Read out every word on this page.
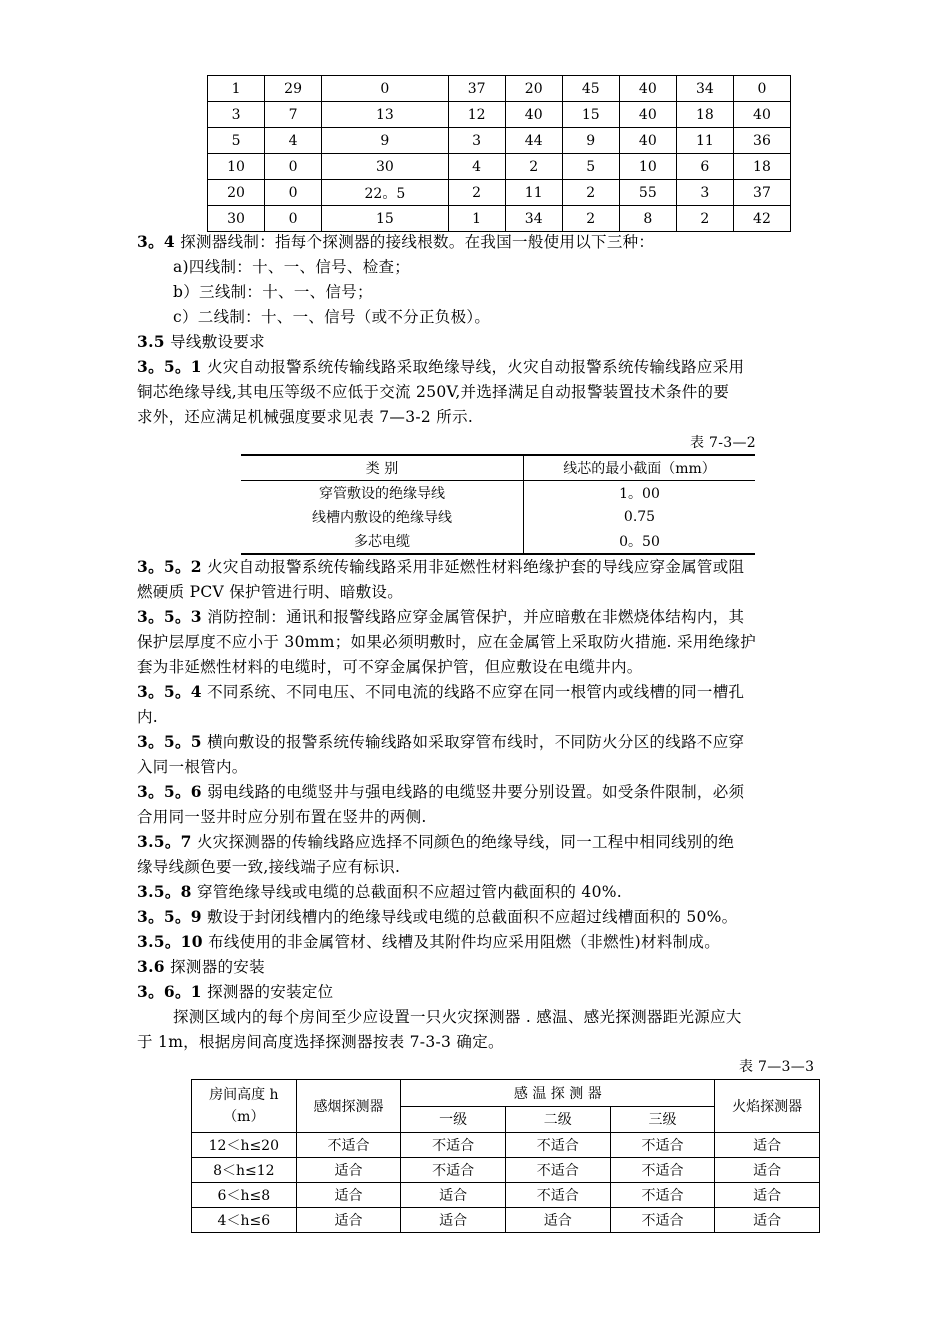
1	29	0	37	20	45	40	34	0
3	7	13	12	40	15	40	18	40
5	4	9	3	44	9	40	11	36
10	0	30	4	2	5	10	6	18
20	0	22。5	2	11	2	55	3	37
30	0	15	1	34	2	8	2	42
3。4 探测器线制：指每个探测器的接线根数。在我国一般使用以下三种：
a)四线制：十、一、信号、检查；
b）三线制：十、一、信号；
c）二线制：十、一、信号（或不分正负极）。
3.5 导线敷设要求
3。5。1 火灾自动报警系统传输线路采取绝缘导线，火灾自动报警系统传输线路应采用
铜芯绝缘导线,其电压等级不应低于交流 250V,并选择满足自动报警装置技术条件的要
求外，还应满足机械强度要求见表 7—3-2 所示.
表 7-3—2
类 别	线芯的最小截面（mm）
穿管敷设的绝缘导线	1。00
线槽内敷设的绝缘导线	0.75
多芯电缆	0。50
3。5。2 火灾自动报警系统传输线路采用非延燃性材料绝缘护套的导线应穿金属管或阻
燃硬质 PCV 保护管进行明、暗敷设。
3。5。3 消防控制：通讯和报警线路应穿金属管保护，并应暗敷在非燃烧体结构内，其
保护层厚度不应小于 30mm；如果必须明敷时，应在金属管上采取防火措施. 采用绝缘护
套为非延燃性材料的电缆时，可不穿金属保护管，但应敷设在电缆井内。
3。5。4 不同系统、不同电压、不同电流的线路不应穿在同一根管内或线槽的同一槽孔
内.
3。5。5 横向敷设的报警系统传输线路如采取穿管布线时，不同防火分区的线路不应穿
入同一根管内。
3。5。6 弱电线路的电缆竖井与强电线路的电缆竖井要分别设置。如受条件限制，必须
合用同一竖井时应分别布置在竖井的两侧.
3.5。7 火灾探测器的传输线路应选择不同颜色的绝缘导线，同一工程中相同线别的绝
缘导线颜色要一致,接线端子应有标识.
3.5。8 穿管绝缘导线或电缆的总截面积不应超过管内截面积的 40%.
3。5。9 敷设于封闭线槽内的绝缘导线或电缆的总截面积不应超过线槽面积的 50%。
3.5。10 布线使用的非金属管材、线槽及其附件均应采用阻燃（非燃性)材料制成。
3.6 探测器的安装
3。6。1 探测器的安装定位
探测区域内的每个房间至少应设置一只火灾探测器 . 感温、感光探测器距光源应大
于 1m，根据房间高度选择探测器按表 7-3-3 确定。
表 7—3—3
房间高度 h
（m）	感烟探测器	感 温 探 测 器			火焰探测器
		一级	二级	三级	
12＜h≤20	不适合	不适合	不适合	不适合	适合
8＜h≤12	适合	不适合	不适合	不适合	适合
6＜h≤8	适合	适合	不适合	不适合	适合
4＜h≤6	适合	适合	适合	不适合	适合
